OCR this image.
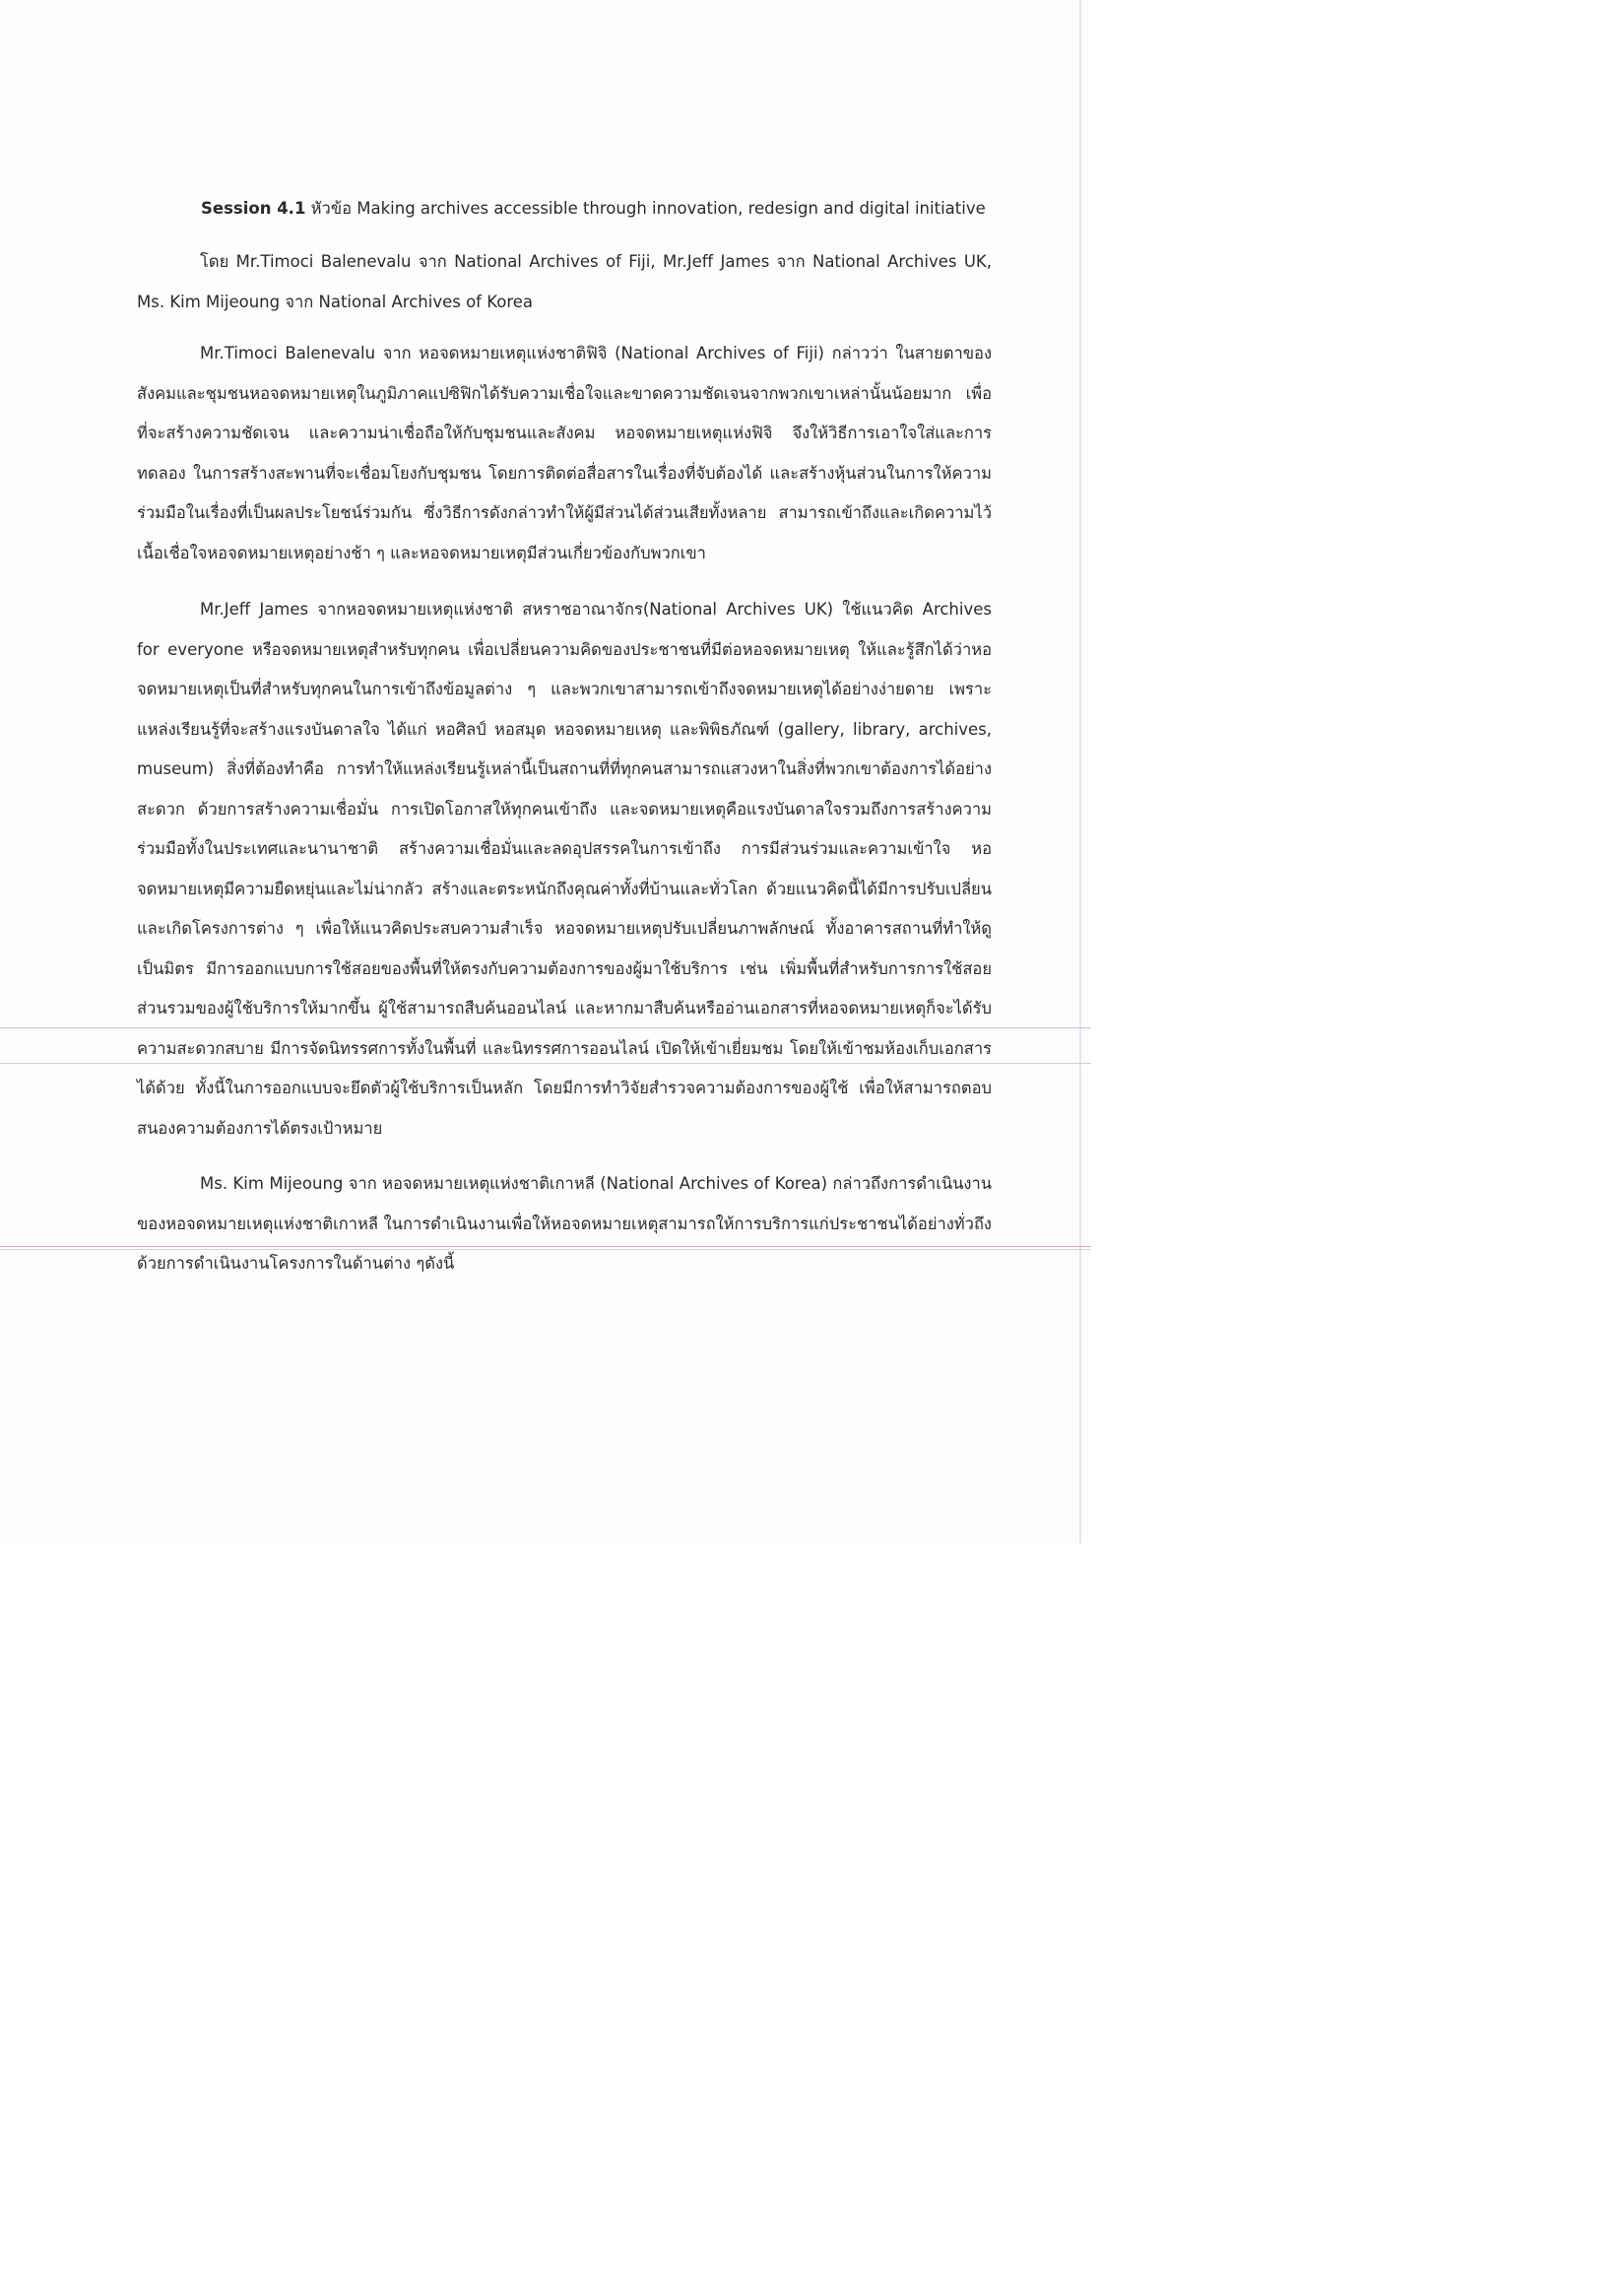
Session 4.1 หัวข้อ Making archives accessible through innovation, redesign and digital initiative

โดย Mr.Timoci Balenevalu จาก National Archives of Fiji, Mr.Jeff James จาก National Archives UK, Ms. Kim Mijeoung จาก National Archives of Korea

Mr.Timoci Balenevalu จาก หอจดหมายเหตุแห่งชาติฟิจิ (National Archives of Fiji) กล่าวว่า ในสายตาของสังคมและชุมชนหอจดหมายเหตุในภูมิภาคแปซิฟิกได้รับความเชื่อใจและขาดความชัดเจนจากพวกเขาเหล่านั้นน้อยมาก เพื่อที่จะสร้างความชัดเจน และความน่าเชื่อถือให้กับชุมชนและสังคม หอจดหมายเหตุแห่งฟิจิ จึงให้วิธีการเอาใจใส่และการทดลอง ในการสร้างสะพานที่จะเชื่อมโยงกับชุมชน โดยการติดต่อสื่อสารในเรื่องที่จับต้องได้ และสร้างหุ้นส่วนในการให้ความร่วมมือในเรื่องที่เป็นผลประโยชน์ร่วมกัน ซึ่งวิธีการดังกล่าวทำให้ผู้มีส่วนได้ส่วนเสียทั้งหลาย สามารถเข้าถึงและเกิดความไว้เนื้อเชื่อใจหอจดหมายเหตุอย่างช้า ๆ และหอจดหมายเหตุมีส่วนเกี่ยวข้องกับพวกเขา

Mr.Jeff James จากหอจดหมายเหตุแห่งชาติ สหราชอาณาจักร(National Archives UK) ใช้แนวคิด Archives for everyone หรือจดหมายเหตุสำหรับทุกคน เพื่อเปลี่ยนความคิดของประชาชนที่มีต่อหอจดหมายเหตุ ให้และรู้สึกได้ว่าหอจดหมายเหตุเป็นที่สำหรับทุกคนในการเข้าถึงข้อมูลต่าง ๆ และพวกเขาสามารถเข้าถึงจดหมายเหตุได้อย่างง่ายดาย เพราะแหล่งเรียนรู้ที่จะสร้างแรงบันดาลใจ ได้แก่ หอศิลป์ หอสมุด หอจดหมายเหตุ และพิพิธภัณฑ์ (gallery, library, archives, museum) สิ่งที่ต้องทำคือ การทำให้แหล่งเรียนรู้เหล่านี้เป็นสถานที่ที่ทุกคนสามารถแสวงหาในสิ่งที่พวกเขาต้องการได้อย่างสะดวก ด้วยการสร้างความเชื่อมั่น การเปิดโอกาสให้ทุกคนเข้าถึง และจดหมายเหตุคือแรงบันดาลใจรวมถึงการสร้างความร่วมมือทั้งในประเทศและนานาชาติ สร้างความเชื่อมั่นและลดอุปสรรคในการเข้าถึง การมีส่วนร่วมและความเข้าใจ หอจดหมายเหตุมีความยืดหยุ่นและไม่น่ากลัว สร้างและตระหนักถึงคุณค่าทั้งที่บ้านและทั่วโลก ด้วยแนวคิดนี้ได้มีการปรับเปลี่ยน และเกิดโครงการต่าง ๆ เพื่อให้แนวคิดประสบความสำเร็จ หอจดหมายเหตุปรับเปลี่ยนภาพลักษณ์ ทั้งอาคารสถานที่ทำให้ดูเป็นมิตร มีการออกแบบการใช้สอยของพื้นที่ให้ตรงกับความต้องการของผู้มาใช้บริการ เช่น เพิ่มพื้นที่สำหรับการการใช้สอยส่วนรวมของผู้ใช้บริการให้มากขึ้น ผู้ใช้สามารถสืบค้นออนไลน์ และหากมาสืบค้นหรืออ่านเอกสารที่หอจดหมายเหตุก็จะได้รับความสะดวกสบาย มีการจัดนิทรรศการทั้งในพื้นที่ และนิทรรศการออนไลน์ เปิดให้เข้าเยี่ยมชม โดยให้เข้าชมห้องเก็บเอกสารได้ด้วย ทั้งนี้ในการออกแบบจะยึดตัวผู้ใช้บริการเป็นหลัก โดยมีการทำวิจัยสำรวจความต้องการของผู้ใช้ เพื่อให้สามารถตอบสนองความต้องการได้ตรงเป้าหมาย

Ms. Kim Mijeoung จาก หอจดหมายเหตุแห่งชาติเกาหลี (National Archives of Korea) กล่าวถึงการดำเนินงานของหอจดหมายเหตุแห่งชาติเกาหลี ในการดำเนินงานเพื่อให้หอจดหมายเหตุสามารถให้การบริการแก่ประชาชนได้อย่างทั่วถึง ด้วยการดำเนินงานโครงการในด้านต่าง ๆดังนี้
